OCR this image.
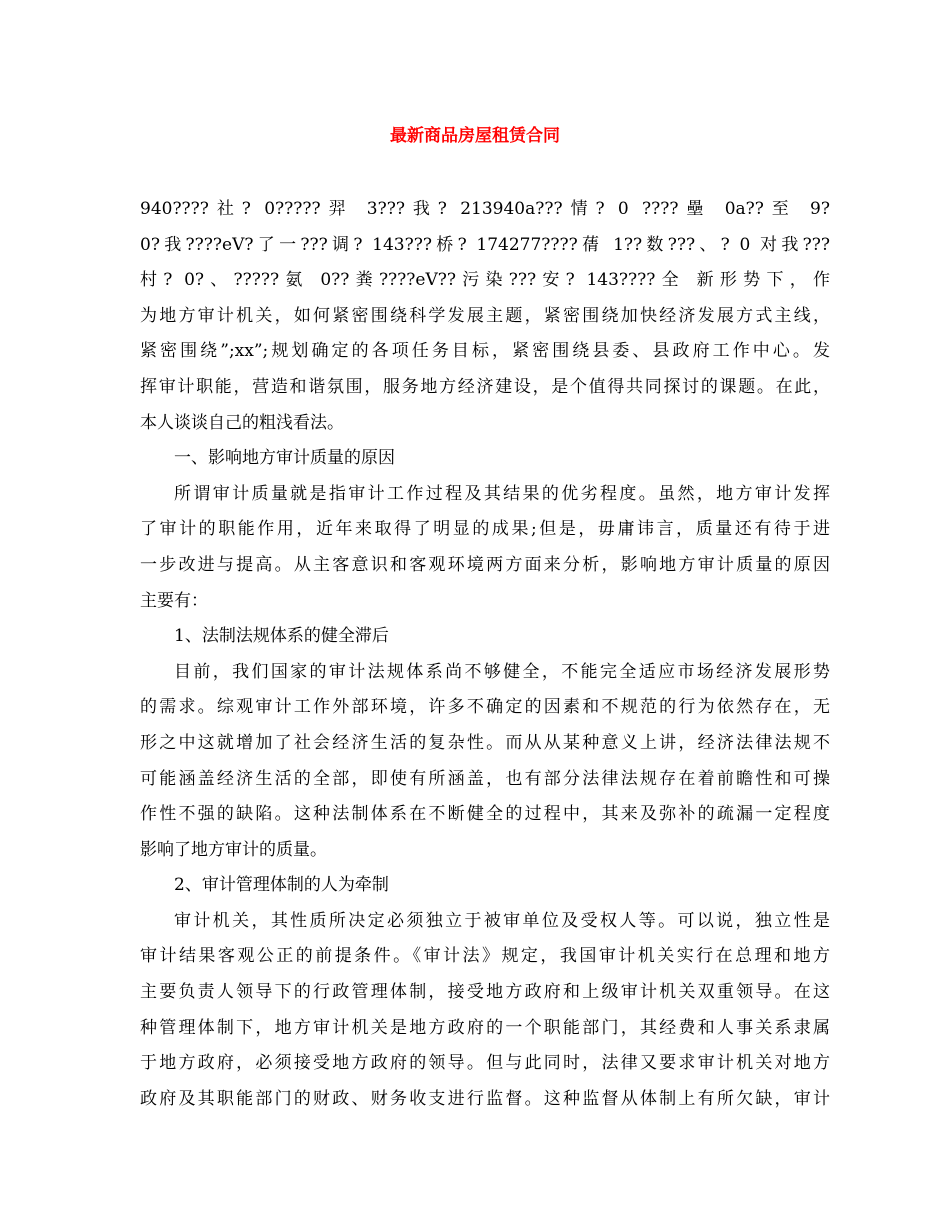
最新商品房屋租赁合同
940????社? 0?????羿 3???我? 213940a???情? 0 ????壘 0a??至 9?
0?我????eV?了一???调? 143???桥? 174277????蒨 1??数???、? 0 对我???
村? 0?、?????氨 0??粪????eV??污染???安? 143????全 新形势下，作
为地方审计机关，如何紧密围绕科学发展主题，紧密围绕加快经济发展方式主线，
紧密围绕”;xx”;规划确定的各项任务目标，紧密围绕县委、县政府工作中心。发
挥审计职能，营造和谐氛围，服务地方经济建设，是个值得共同探讨的课题。在此，
本人谈谈自己的粗浅看法。
一、影响地方审计质量的原因
所谓审计质量就是指审计工作过程及其结果的优劣程度。虽然，地方审计发挥
了审计的职能作用，近年来取得了明显的成果;但是，毋庸讳言，质量还有待于进
一步改进与提高。从主客意识和客观环境两方面来分析，影响地方审计质量的原因
主要有：
1、法制法规体系的健全滞后
目前，我们国家的审计法规体系尚不够健全，不能完全适应市场经济发展形势
的需求。综观审计工作外部环境，许多不确定的因素和不规范的行为依然存在，无
形之中这就增加了社会经济生活的复杂性。而从从某种意义上讲，经济法律法规不
可能涵盖经济生活的全部，即使有所涵盖，也有部分法律法规存在着前瞻性和可操
作性不强的缺陷。这种法制体系在不断健全的过程中，其来及弥补的疏漏一定程度
影响了地方审计的质量。
2、审计管理体制的人为牵制
审计机关，其性质所决定必须独立于被审单位及受权人等。可以说，独立性是
审计结果客观公正的前提条件。《审计法》规定，我国审计机关实行在总理和地方
主要负责人领导下的行政管理体制，接受地方政府和上级审计机关双重领导。在这
种管理体制下，地方审计机关是地方政府的一个职能部门，其经费和人事关系隶属
于地方政府，必须接受地方政府的领导。但与此同时，法律又要求审计机关对地方
政府及其职能部门的财政、财务收支进行监督。这种监督从体制上有所欠缺，审计
